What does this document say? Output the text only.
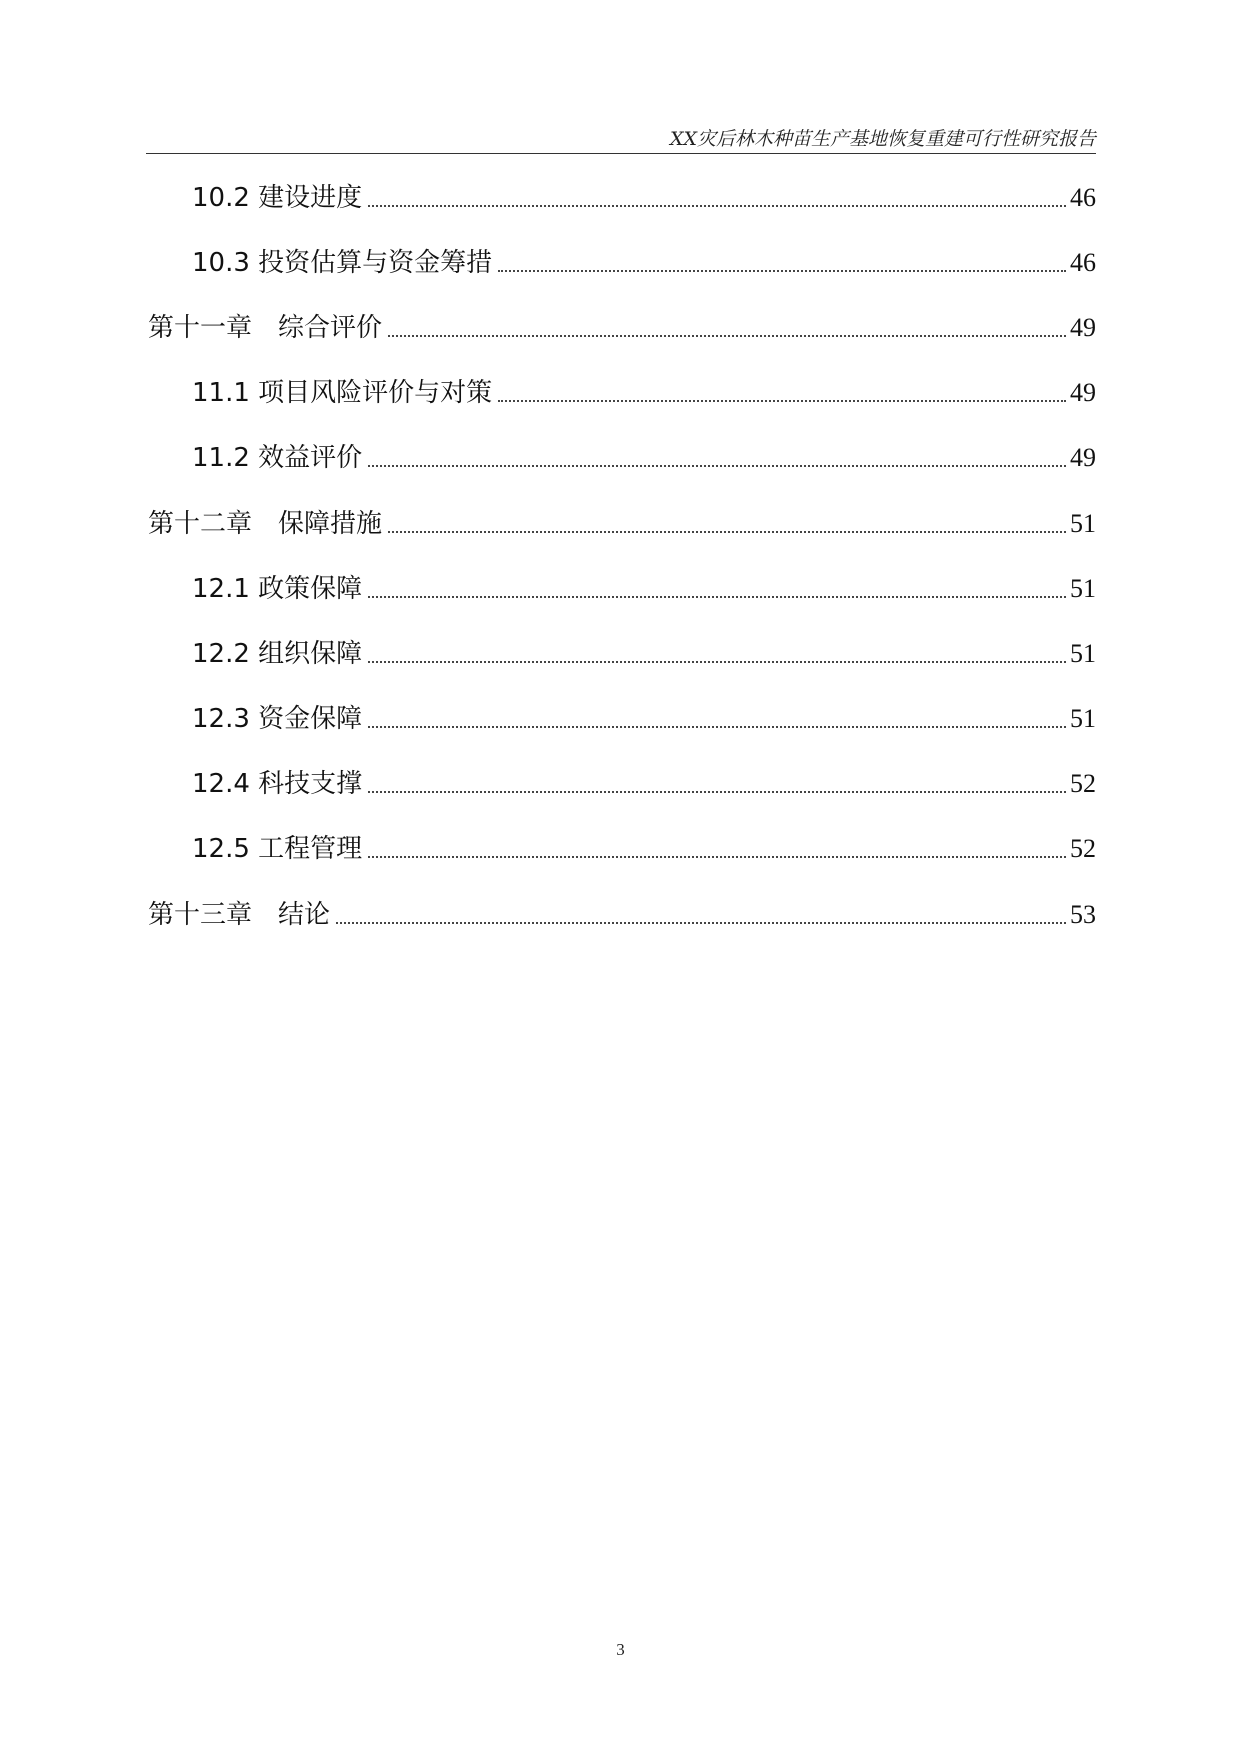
XX灾后林木种苗生产基地恢复重建可行性研究报告
10.2 建设进度	46
10.3 投资估算与资金筹措	46
第十一章　综合评价	49
11.1 项目风险评价与对策	49
11.2 效益评价	49
第十二章　保障措施	51
12.1 政策保障	51
12.2 组织保障	51
12.3 资金保障	51
12.4 科技支撑	52
12.5 工程管理	52
第十三章　结论	53
3
